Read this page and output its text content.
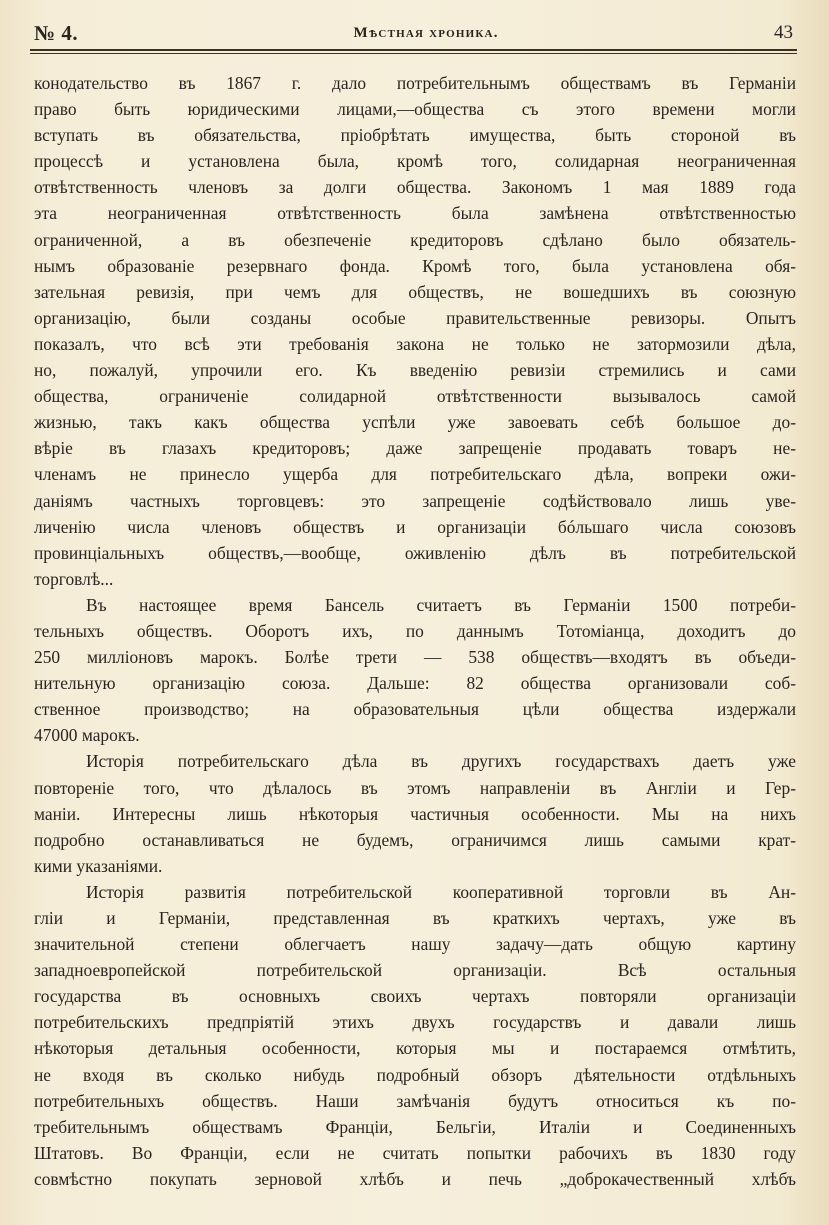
№ 4.	Мѣстная хроника.	43
конодательство въ 1867 г. дало потребительнымъ обществамъ въ Германіи
право быть юридическими лицами,—общества съ этого времени могли
вступать въ обязательства, пріобрѣтать имущества, быть стороной въ
процессѣ и установлена была, кромѣ того, солидарная неограниченная
отвѣтственность членовъ за долги общества. Закономъ 1 мая 1889 года
эта неограниченная отвѣтственность была замѣнена отвѣтственностью
ограниченной, а въ обезпеченіе кредиторовъ сдѣлано было обязатель-
нымъ образованіе резервнаго фонда. Кромѣ того, была установлена обя-
зательная ревизія, при чемъ для обществъ, не вошедшихъ въ союзную
организацію, были созданы особые правительственные ревизоры. Опытъ
показалъ, что всѣ эти требованія закона не только не затормозили дѣла,
но, пожалуй, упрочили его. Къ введенію ревизіи стремились и сами
общества, ограниченіе солидарной отвѣтственности вызывалось самой
жизнью, такъ какъ общества успѣли уже завоевать себѣ большое до-
вѣріе въ глазахъ кредиторовъ; даже запрещеніе продавать товаръ не-
членамъ не принесло ущерба для потребительскаго дѣла, вопреки ожи-
даніямъ частныхъ торговцевъ: это запрещеніе содѣйствовало лишь уве-
личенію числа членовъ обществъ и организаціи бóльшаго числа союзовъ
провинціальныхъ обществъ,—вообще, оживленію дѣлъ въ потребительской
торговлѣ...
Въ настоящее время Бансель считаетъ въ Германіи 1500 потреби-
тельныхъ обществъ. Оборотъ ихъ, по даннымъ Тотоміанца, доходитъ до
250 милліоновъ марокъ. Болѣе трети — 538 обществъ—входятъ въ объеди-
нительную организацію союза. Дальше: 82 общества организовали соб-
ственное производство; на образовательныя цѣли общества издержали
47000 марокъ.
Исторія потребительскаго дѣла въ другихъ государствахъ даетъ уже
повтореніе того, что дѣлалось въ этомъ направленіи въ Англіи и Гер-
маніи. Интересны лишь нѣкоторыя частичныя особенности. Мы на нихъ
подробно останавливаться не будемъ, ограничимся лишь самыми крат-
кими указаніями.
Исторія развитія потребительской кооперативной торговли въ Ан-
гліи и Германіи, представленная въ краткихъ чертахъ, уже въ
значительной степени облегчаетъ нашу задачу—дать общую картину
западноевропейской потребительской организаціи. Всѣ остальныя
государства въ основныхъ своихъ чертахъ повторяли организаціи
потребительскихъ предпріятій этихъ двухъ государствъ и давали лишь
нѣкоторыя детальныя особенности, которыя мы и постараемся отмѣтить,
не входя въ сколько нибудь подробный обзоръ дѣятельности отдѣльныхъ
потребительныхъ обществъ. Наши замѣчанія будутъ относиться къ по-
требительнымъ обществамъ Франціи, Бельгіи, Италіи и Соединенныхъ
Штатовъ. Во Франціи, если не считать попытки рабочихъ въ 1830 году
совмѣстно покупать зерновой хлѣбъ и печь „доброкачественный хлѣбъ
